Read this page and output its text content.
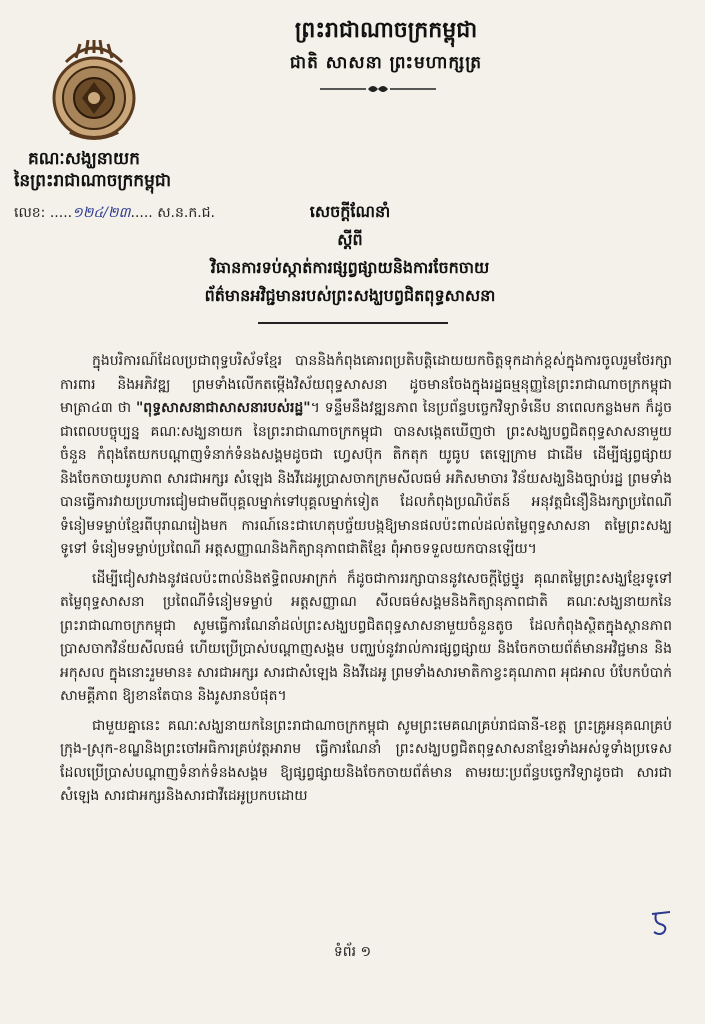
គណៈសង្ឃនាយក
នៃព្រះរាជាណាចក្រកម្ពុជា
លេខ: .....១២៤/២៣..... ស.ន.ក.ជ.
ព្រះរាជាណាចក្រកម្ពុជា
ជាតិ សាសនា ព្រះមហាក្សត្រ
សេចក្ដីណែនាំ
ស្ដីពី
វិធានការទប់ស្កាត់ការផ្សព្វផ្សាយនិងការចែកចាយ
ព័ត៌មានអវិជ្ជមានរបស់ព្រះសង្ឃបព្វជិតពុទ្ធសាសនា

ក្នុងបរិការណ៍ដែលប្រជាពុទ្ធបរិស័ទខ្មែរ បាននិងកំពុងគោរពប្រតិបត្តិដោយយកចិត្តទុកដាក់ខ្ពស់ក្នុងការចូលរួមថែរក្សា ការពារ និងអភិវឌ្ឍ ព្រមទាំងលើកតម្កើងវិស័យពុទ្ធសាសនា ដូចមានចែងក្នុងរដ្ឋធម្មនុញ្ញនៃព្រះរាជាណាចក្រកម្ពុជា មាត្រា៤៣ ថា "ពុទ្ធសាសនាជាសាសនារបស់រដ្ឋ"។ ទន្ទឹមនឹងវឌ្ឍនភាព នៃប្រព័ន្ធបច្ចេកវិទ្យាទំនើប នាពេលកន្លងមក ក៏ដូចជាពេលបច្ចុប្បន្ន គណៈសង្ឃនាយក នៃព្រះរាជាណាចក្រកម្ពុជា បានសង្កេតឃើញថា ព្រះសង្ឃបព្វជិតពុទ្ធសាសនាមួយចំនួន កំពុងតែយកបណ្ដាញទំនាក់ទំនងសង្គមដូចជា ហ្វេសប៊ុក តិកតុក យូធូប តេឡេក្រាម ជាដើម ដើម្បីផ្សព្វផ្សាយ និងចែកចាយរូបភាព សារជាអក្សរ សំឡេង និងវីដេអូប្រាសចាកក្រមសីលធម៌ អភិសមាចារ វិន័យសង្ឃនិងច្បាប់រដ្ឋ ព្រមទាំងបានធ្វើការវាយប្រហារជៀមជាមពីបុគ្គលម្នាក់ទៅបុគ្គលម្នាក់ទៀត ដែលកំពុងប្រណិប័តន៍ អនុវត្តជំនឿនិងរក្សាប្រពៃណីទំនៀមទម្លាប់ខ្មែរពីបុរាណរៀងមក ការណ៍នេះជាហេតុបច្ច័យបង្កឱ្យមានផលប៉ះពាល់ដល់តម្លៃពុទ្ធសាសនា តម្លៃព្រះសង្ឃទូទៅ ទំនៀមទម្លាប់ប្រពៃណី អត្តសញ្ញាណនិងកិត្យានុភាពជាតិខ្មែរ ពុំអាចទទួលយកបានឡើយ។

ដើម្បីជៀសវាងនូវផលប៉ះពាល់និងឥទ្ធិពលអាក្រក់ ក៏ដូចជាការរក្សាបាននូវសេចក្ដីថ្លៃថ្នូរ គុណតម្លៃព្រះសង្ឃខ្មែរទូទៅ តម្លៃពុទ្ធសាសនា ប្រពៃណីទំនៀមទម្លាប់ អត្តសញ្ញាណ សីលធម៌សង្គមនិងកិត្យានុភាពជាតិ គណៈសង្ឃនាយកនៃព្រះរាជាណាចក្រកម្ពុជា សូមធ្វើការណែនាំដល់ព្រះសង្ឃបព្វជិតពុទ្ធសាសនាមួយចំនួនតូច ដែលកំពុងស្ថិតក្នុងស្ថានភាពប្រាសចាកវិន័យសីលធម៌ ហើយប្រើប្រាស់បណ្ដាញសង្គម បញ្ឈប់នូវរាល់ការផ្សព្វផ្សាយ និងចែកចាយព័ត៌មានអវិជ្ជមាន និងអកុសល ក្នុងនោះរួមមាន៖ សារជាអក្សរ សារជាសំឡេង និងវីដេអូ ព្រមទាំងសារមាតិកាខ្វះគុណភាព អុជអាល បំបែកបំបាក់សាមគ្គីភាព ឱ្យខានតែបាន និងរូសរានបំផុត។

ជាមួយគ្នានេះ គណៈសង្ឃនាយកនៃព្រះរាជាណាចក្រកម្ពុជា សូមព្រះមេគណគ្រប់រាជធានី-ខេត្ត ព្រះគ្រូអនុគណគ្រប់ក្រុង-ស្រុក-ខណ្ឌនិងព្រះចៅអធិការគ្រប់វត្តអារាម ធ្វើការណែនាំ ព្រះសង្ឃបព្វជិតពុទ្ធសាសនាខ្មែរទាំងអស់ទូទាំងប្រទេស ដែលប្រើប្រាស់បណ្ដាញទំនាក់ទំនងសង្គម ឱ្យផ្សព្វផ្សាយនិងចែកចាយព័ត៌មាន តាមរយៈប្រព័ន្ធបច្ចេកវិទ្យាដូចជា សារជាសំឡេង សារជាអក្សរនិងសារជាវីដេអូប្រកបដោយ

ទំព័រ ១
